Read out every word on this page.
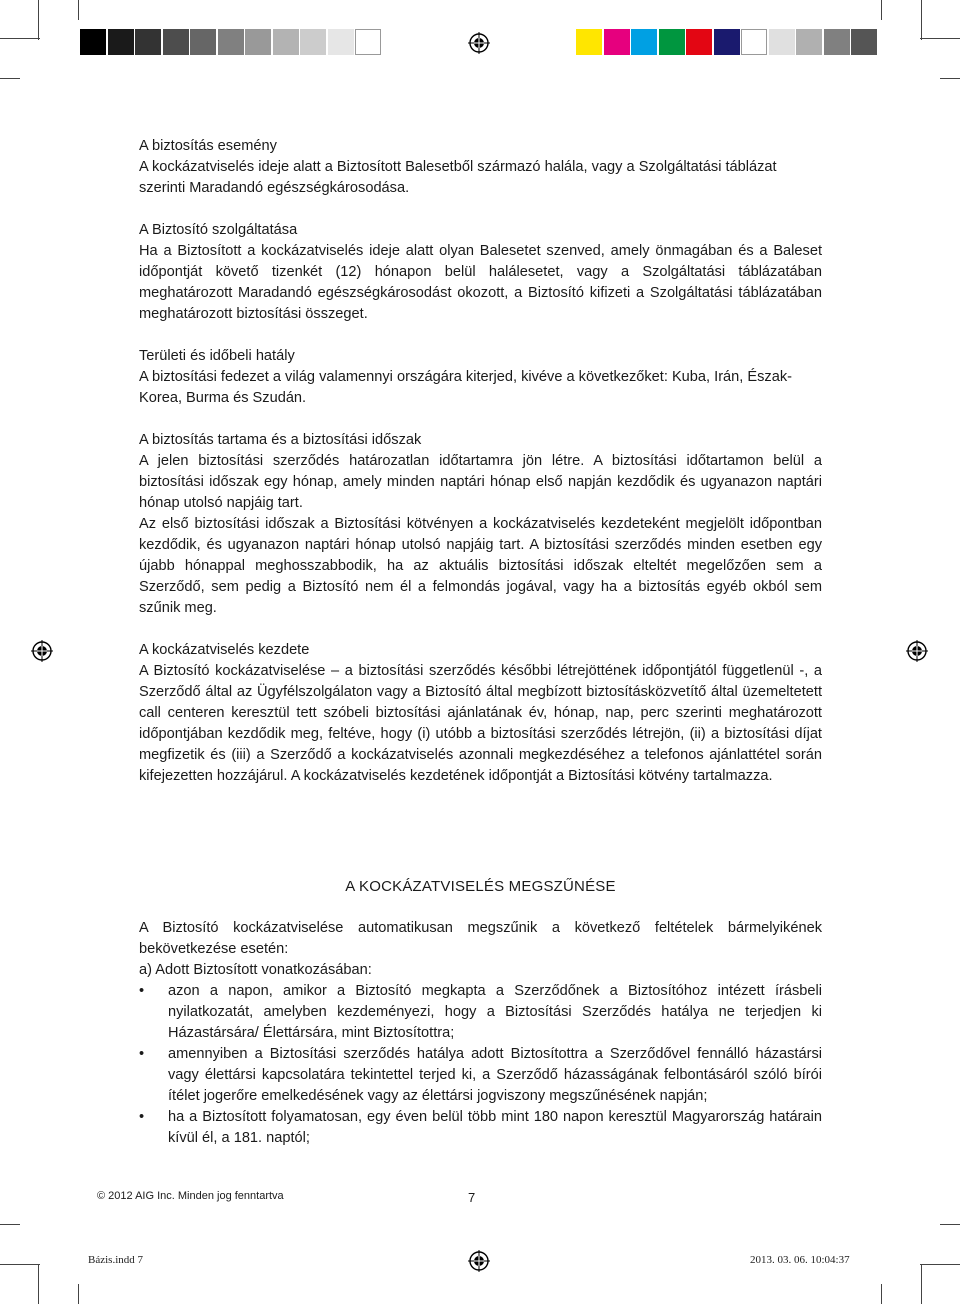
A biztosítás esemény

A kockázatviselés ideje alatt a Biztosított Balesetből származó halála, vagy a Szolgáltatási táblázat szerinti Maradandó egészségkárosodása.

A Biztosító szolgáltatása

Ha a Biztosított a kockázatviselés ideje alatt olyan Balesetet szenved, amely önmagában és a Baleset időpontját követő tizenkét (12) hónapon belül halálesetet, vagy a Szolgáltatási táblázatában meghatározott Maradandó egészségkárosodást okozott, a Biztosító kifizeti a Szolgáltatási táblázatában meghatározott biztosítási összeget.

Területi és időbeli hatály

A biztosítási fedezet a világ valamennyi országára kiterjed, kivéve a következőket: Kuba, Irán, Észak-Korea, Burma és Szudán.

A biztosítás tartama és a biztosítási időszak

A jelen biztosítási szerződés határozatlan időtartamra jön létre. A biztosítási időtartamon belül a biztosítási időszak egy hónap, amely minden naptári hónap első napján kezdődik és ugyanazon naptári hónap utolsó napjáig tart.

Az első biztosítási időszak a Biztosítási kötvényen a kockázatviselés kezdeteként megjelölt időpontban kezdődik, és ugyanazon naptári hónap utolsó napjáig tart. A biztosítási szerződés minden esetben egy újabb hónappal meghosszabbodik, ha az aktuális biztosítási időszak elteltét megelőzően sem a Szerződő, sem pedig a Biztosító nem él a felmondás jogával, vagy ha a biztosítás egyéb okból sem szűnik meg.

A kockázatviselés kezdete

A Biztosító kockázatviselése – a biztosítási szerződés későbbi létrejöttének időpontjától függetlenül -, a Szerződő által az Ügyfélszolgálaton vagy a Biztosító által megbízott biztosításközvetítő által üzemeltetett call centeren keresztül tett szóbeli biztosítási ajánlatának év, hónap, nap, perc szerinti meghatározott időpontjában kezdődik meg, feltéve, hogy (i) utóbb a biztosítási szerződés létrejön, (ii) a biztosítási díjat megfizetik és (iii) a Szerződő a kockázatviselés azonnali megkezdéséhez a telefonos ajánlattétel során kifejezetten hozzájárul. A kockázatviselés kezdetének időpontját a Biztosítási kötvény tartalmazza.

A KOCKÁZATVISELÉS MEGSZŰNÉSE

A Biztosító kockázatviselése automatikusan megszűnik a következő feltételek bármelyikének bekövetkezése esetén:

a) Adott Biztosított vonatkozásában:

• azon a napon, amikor a Biztosító megkapta a Szerződőnek a Biztosítóhoz intézett írásbeli nyilatkozatát, amelyben kezdeményezi, hogy a Biztosítási Szerződés hatálya ne terjedjen ki Házastársára/ Élettársára, mint Biztosítottra;
• amennyiben a Biztosítási szerződés hatálya adott Biztosítottra a Szerződővel fennálló házastársi vagy élettársi kapcsolatára tekintettel terjed ki, a Szerződő házasságának felbontásáról szóló bírói ítélet jogerőre emelkedésének vagy az élettársi jogviszony megszűnésének napján;
• ha a Biztosított folyamatosan, egy éven belül több mint 180 napon keresztül Magyarország határain kívül él, a 181. naptól;
© 2012 AIG Inc. Minden jog fenntartva	7
Bázis.indd 7	2013. 03. 06. 10:04:37
